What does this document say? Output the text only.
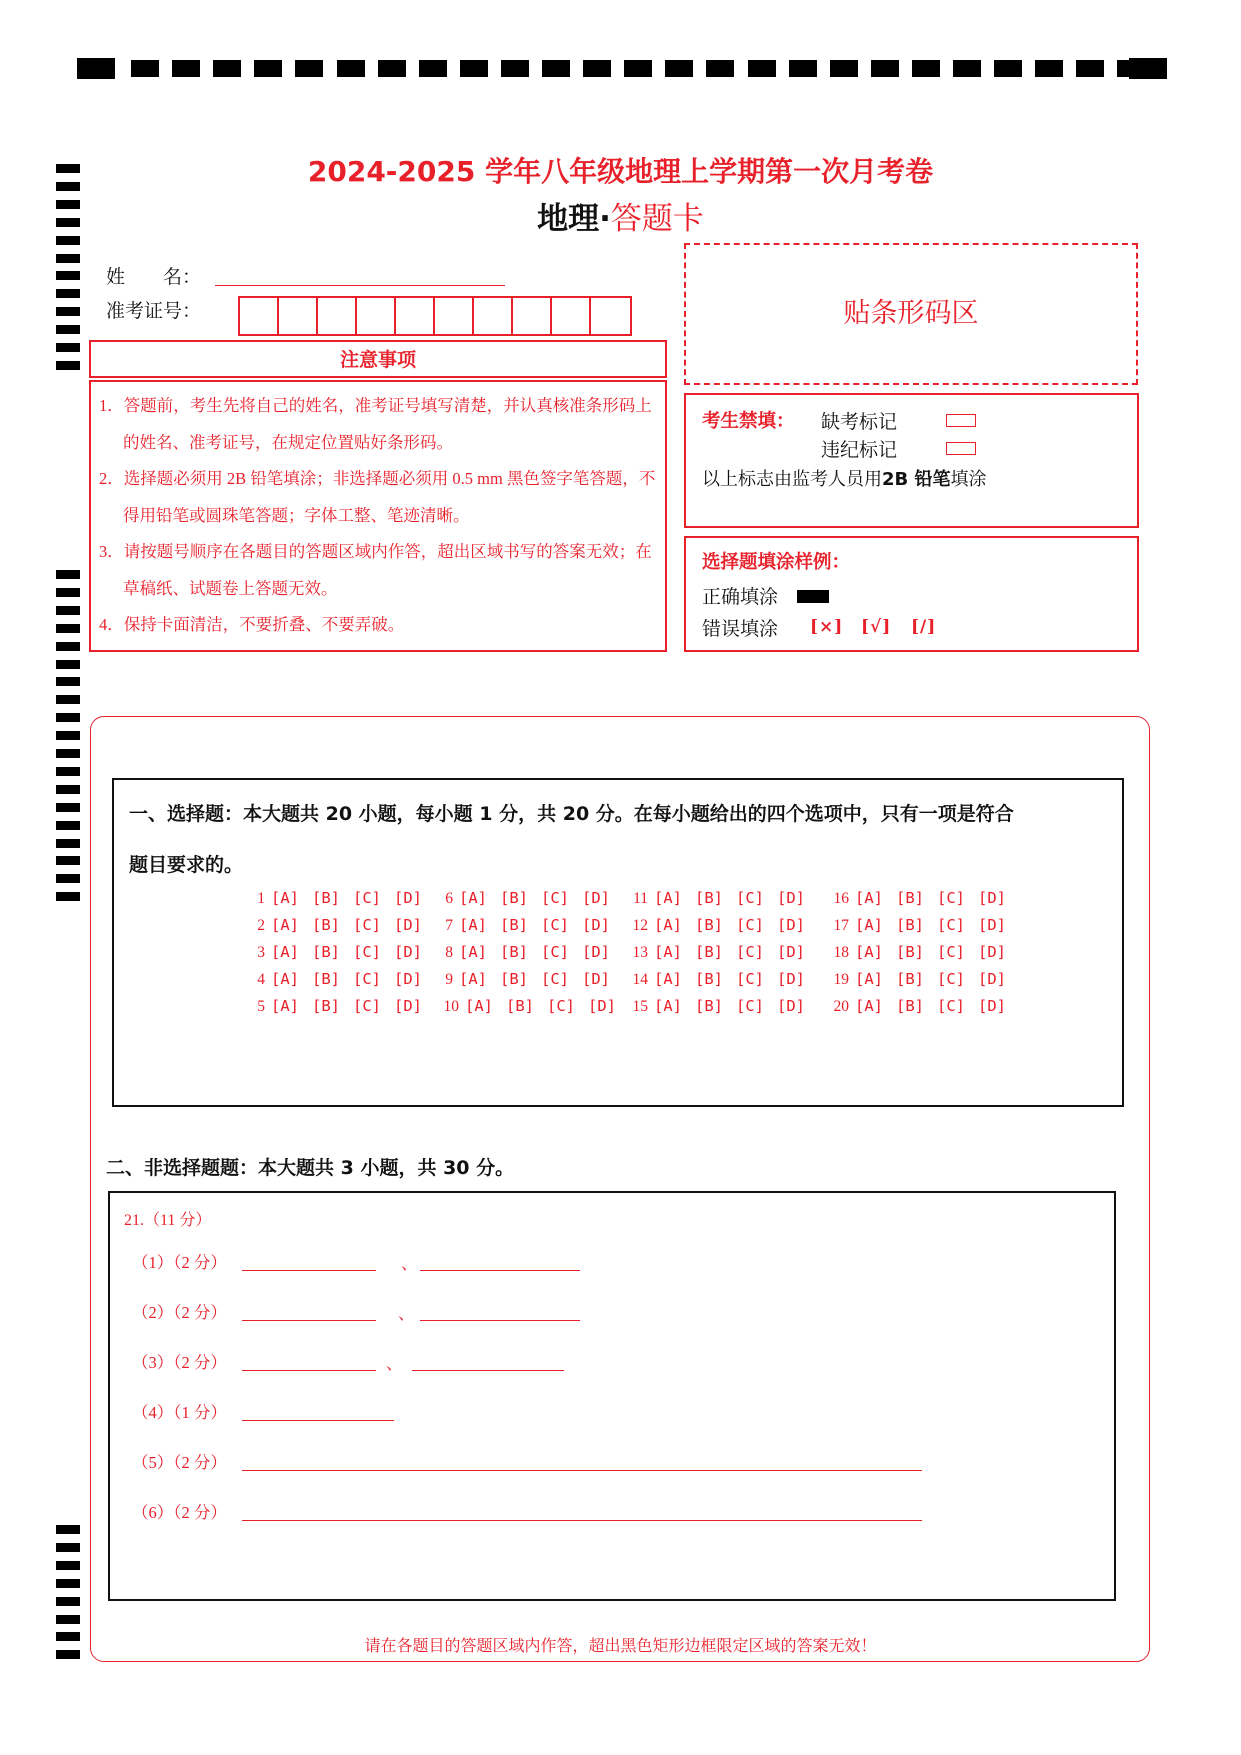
2024-2025 学年八年级地理上学期第一次月考卷
地理·答题卡
姓　　名：
准考证号：
注意事项
1．答题前，考生先将自己的姓名，准考证号填写清楚，并认真核准条形码上的姓名、准考证号，在规定位置贴好条形码。
2．选择题必须用 2B 铅笔填涂；非选择题必须用 0.5 mm 黑色签字笔答题，不得用铅笔或圆珠笔答题；字体工整、笔迹清晰。
3．请按题号顺序在各题目的答题区域内作答，超出区域书写的答案无效；在草稿纸、试题卷上答题无效。
4．保持卡面清洁，不要折叠、不要弄破。
贴条形码区
考生禁填： 缺考标记
违纪标记
以上标志由监考人员用2B 铅笔填涂
选择题填涂样例：
正确填涂
错误填涂 [×] [√] [/]
一、选择题：本大题共 20 小题，每小题 1 分，共 20 分。在每小题给出的四个选项中，只有一项是符合
题目要求的。
1 [A] [B] [C] [D]
2 [A] [B] [C] [D]
3 [A] [B] [C] [D]
4 [A] [B] [C] [D]
5 [A] [B] [C] [D]
6 [A] [B] [C] [D]
7 [A] [B] [C] [D]
8 [A] [B] [C] [D]
9 [A] [B] [C] [D]
10 [A] [B] [C] [D]
11 [A] [B] [C] [D]
12 [A] [B] [C] [D]
13 [A] [B] [C] [D]
14 [A] [B] [C] [D]
15 [A] [B] [C] [D]
16 [A] [B] [C] [D]
17 [A] [B] [C] [D]
18 [A] [B] [C] [D]
19 [A] [B] [C] [D]
20 [A] [B] [C] [D]
二、非选择题题：本大题共 3 小题，共 30 分。
21.（11 分）
（1）（2 分）	、
（2）（2 分）	、
（3）（2 分）	、
（4）（1 分）
（5）（2 分）
（6）（2 分）
请在各题目的答题区域内作答，超出黑色矩形边框限定区域的答案无效！
